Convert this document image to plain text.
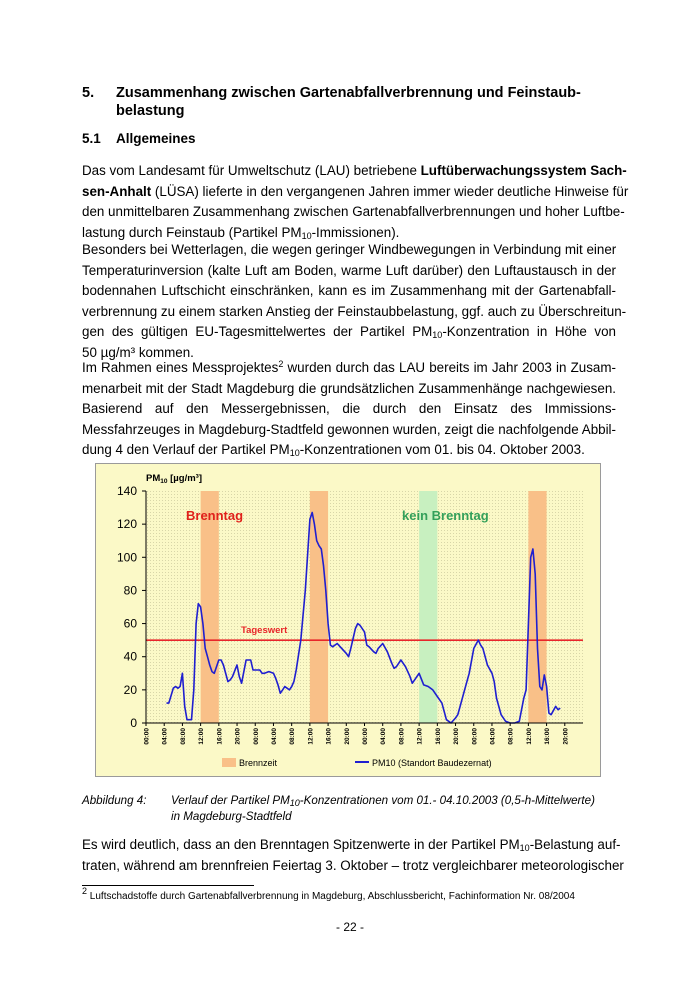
5. Zusammenhang zwischen Gartenabfallverbrennung und Feinstaub-
belastung
5.1 Allgemeines
Das vom Landesamt für Umweltschutz (LAU) betriebene Luftüberwachungssystem Sach-
sen-Anhalt (LÜSA) lieferte in den vergangenen Jahren immer wieder deutliche Hinweise für
den unmittelbaren Zusammenhang zwischen Gartenabfallverbrennungen und hoher Luftbe-
lastung durch Feinstaub (Partikel $PM_{10}-Immissionen$).
Besonders bei Wetterlagen, die wegen geringer Windbewegungen in Verbindung mit einer
Temperaturinversion (kalte Luft am Boden, warme Luft darüber) den Luftaustausch in der
bodennahen Luftschicht einschränken, kann es im Zusammenhang mit der Gartenabfall-
verbrennung zu einem starken Anstieg der Feinstaubbelastung, ggf. auch zu Überschreitun-
gen des gültigen EU-Tagesmittelwertes der Partikel $PM_{10}$-Konzentration in Höhe von
50 µg/m³ kommen.
Im Rahmen eines Messprojektes$^2$ wurden durch das LAU bereits im Jahr 2003 in Zusam-
menarbeit mit der Stadt Magdeburg die grundsätzlichen Zusammenhänge nachgewiesen.
Basierend auf den Messergebnissen, die durch den Einsatz des Immissions-
Messfahrzeuges in Magdeburg-Stadtfeld gewonnen wurden, zeigt die nachfolgende Abbil-
dung 4 den Verlauf der Partikel $PM_{10}$-Konzentrationen vom 01. bis 04. Oktober 2003.
0
20
40
60
80
100
120
140
00:00 04:00 08:00 12:00 16:00 20:00 00:00 04:00 08:00 12:00 16:00 20:00 00:00 04:00 08:00 12:00 16:00 20:00 00:00 04:00 08:00 12:00 16:00 20:00
$PM_{10}$ [µg/m³]
Brenntag	kein Brenntag
Tageswert
Brennzeit	PM10 (Standort Baudezernat)
Abbildung 4: Verlauf der Partikel $PM_{10}$-Konzentrationen vom 01.- 04.10.2003 (0,5-h-Mittelwerte)
in Magdeburg-Stadtfeld
Es wird deutlich, dass an den Brenntagen Spitzenwerte in der Partikel $PM_{10}$-Belastung auf-
traten, während am brennfreien Feiertag 3. Oktober – trotz vergleichbarer meteorologischer
$^2$ Luftschadstoffe durch Gartenabfallverbrennung in Magdeburg, Abschlussbericht, Fachinformation Nr. 08/2004
- 22 -
